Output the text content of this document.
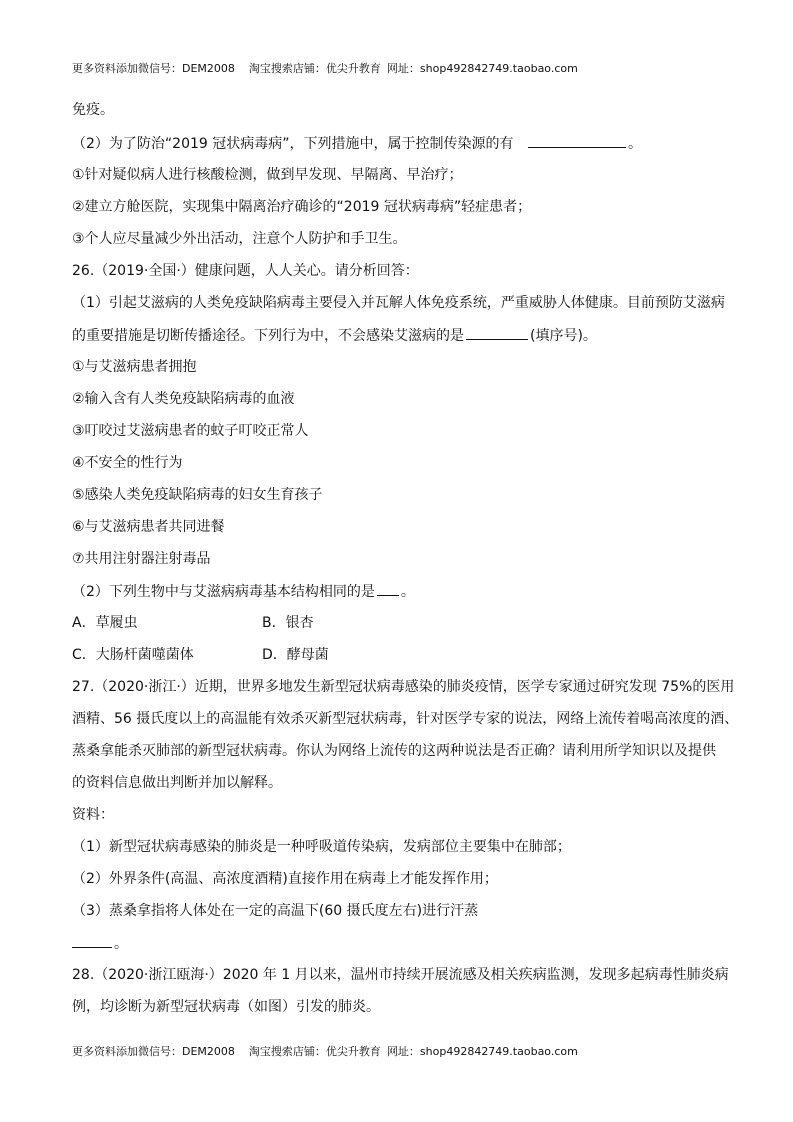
更多资料添加微信号：DEM2008 淘宝搜索店铺：优尖升教育 网址：shop492842749.taobao.com
免疫。
（2）为了防治“2019 冠状病毒病”，下列措施中，属于控制传染源的有	。
①针对疑似病人进行核酸检测，做到早发现、早隔离、早治疗；
②建立方舱医院，实现集中隔离治疗确诊的“2019 冠状病毒病”轻症患者；
③个人应尽量减少外出活动，注意个人防护和手卫生。
26.（2019·全国·）健康问题，人人关心。请分析回答：
（1）引起艾滋病的人类免疫缺陷病毒主要侵入并瓦解人体免疫系统，严重威胁人体健康。目前预防艾滋病
的重要措施是切断传播途径。下列行为中，不会感染艾滋病的是	(填序号)。
①与艾滋病患者拥抱
②输入含有人类免疫缺陷病毒的血液
③叮咬过艾滋病患者的蚊子叮咬正常人
④不安全的性行为
⑤感染人类免疫缺陷病毒的妇女生育孩子
⑥与艾滋病患者共同进餐
⑦共用注射器注射毒品
（2）下列生物中与艾滋病病毒基本结构相同的是 。
A．草履虫	B．银杏
C．大肠杆菌噬菌体	D．酵母菌
27.（2020·浙江·）近期，世界多地发生新型冠状病毒感染的肺炎疫情，医学专家通过研究发现 75%的医用
酒精、56 摄氏度以上的高温能有效杀灭新型冠状病毒，针对医学专家的说法，网络上流传着喝高浓度的酒、
蒸桑拿能杀灭肺部的新型冠状病毒。你认为网络上流传的这两种说法是否正确？请利用所学知识以及提供
的资料信息做出判断并加以解释。
资料：
（1）新型冠状病毒感染的肺炎是一种呼吸道传染病，发病部位主要集中在肺部；
（2）外界条件(高温、高浓度酒精)直接作用在病毒上才能发挥作用；
（3）蒸桑拿指将人体处在一定的高温下(60 摄氏度左右)进行汗蒸
。
28.（2020·浙江瓯海·）2020 年 1 月以来，温州市持续开展流感及相关疾病监测，发现多起病毒性肺炎病
例，均诊断为新型冠状病毒（如图）引发的肺炎。
更多资料添加微信号：DEM2008 淘宝搜索店铺：优尖升教育 网址：shop492842749.taobao.com
